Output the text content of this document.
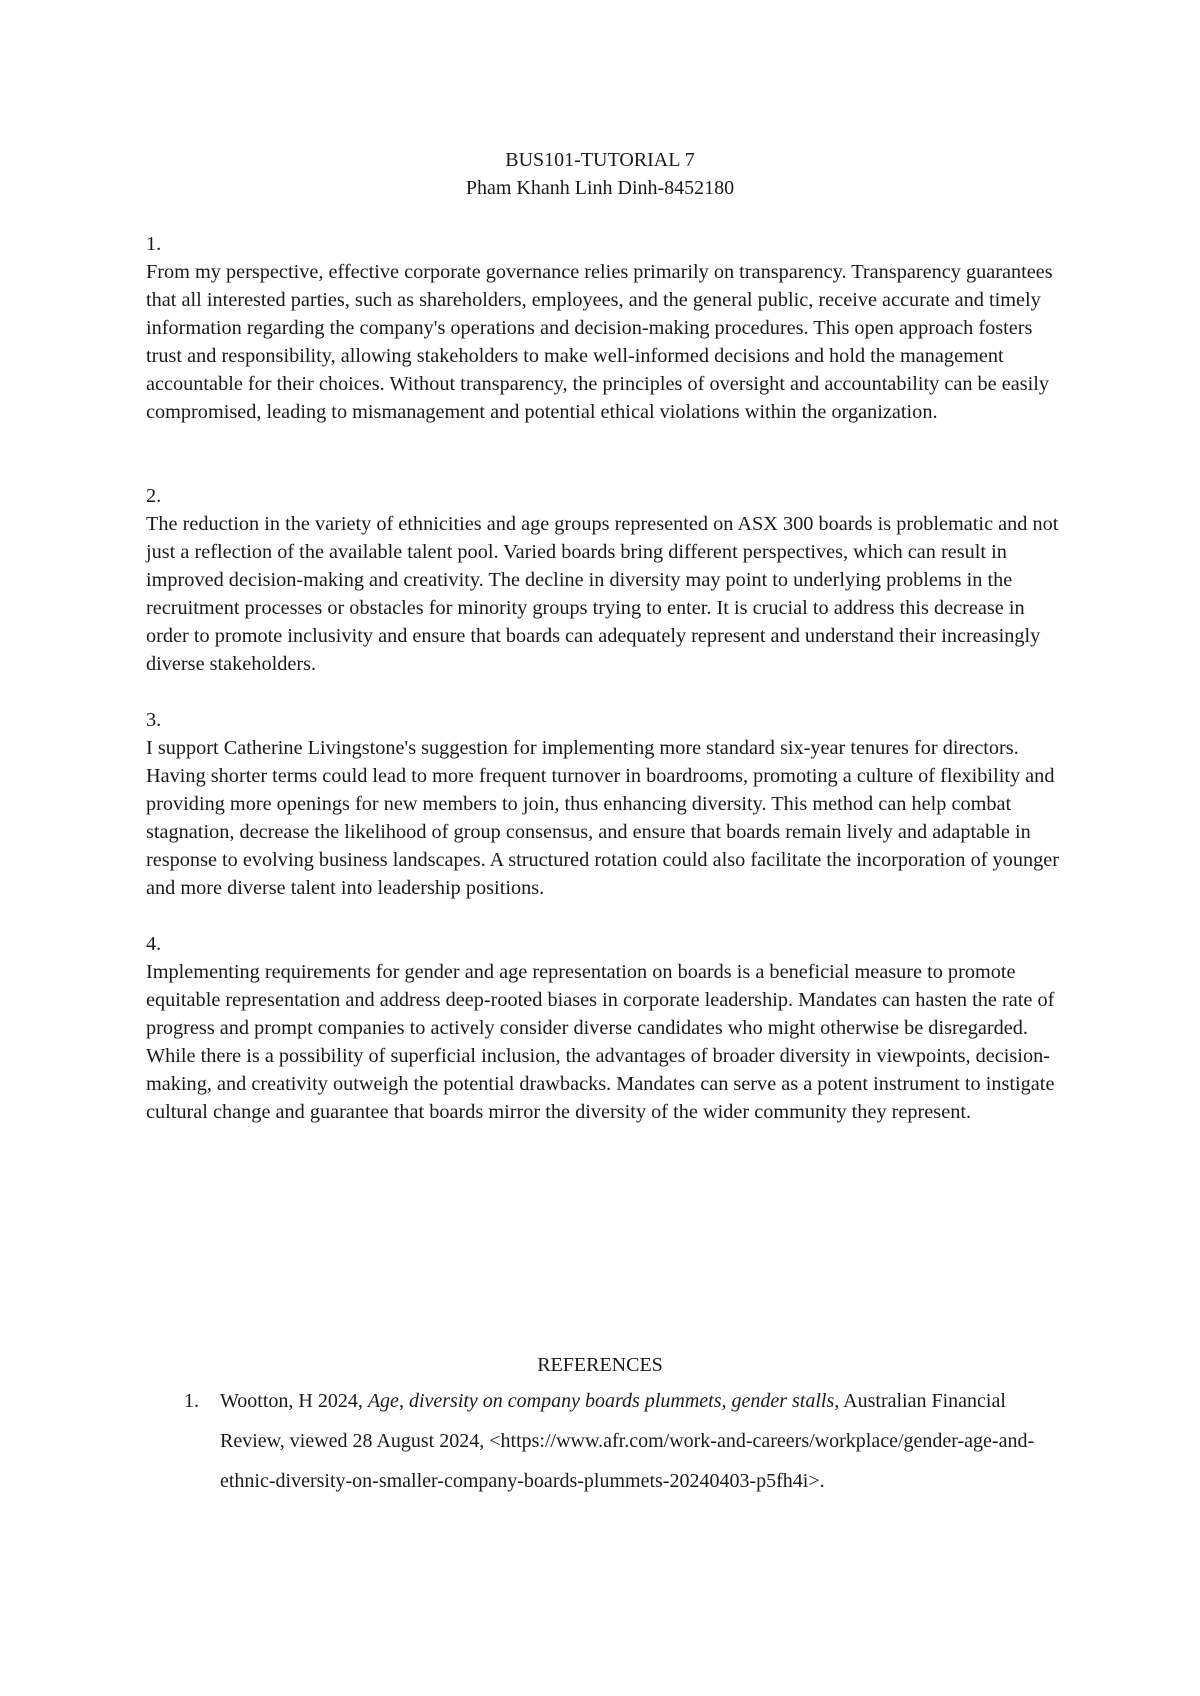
BUS101-TUTORIAL 7
Pham Khanh Linh Dinh-8452180
1.
From my perspective, effective corporate governance relies primarily on transparency. Transparency guarantees that all interested parties, such as shareholders, employees, and the general public, receive accurate and timely information regarding the company's operations and decision-making procedures. This open approach fosters trust and responsibility, allowing stakeholders to make well-informed decisions and hold the management accountable for their choices. Without transparency, the principles of oversight and accountability can be easily compromised, leading to mismanagement and potential ethical violations within the organization.
2.
The reduction in the variety of ethnicities and age groups represented on ASX 300 boards is problematic and not just a reflection of the available talent pool. Varied boards bring different perspectives, which can result in improved decision-making and creativity. The decline in diversity may point to underlying problems in the recruitment processes or obstacles for minority groups trying to enter. It is crucial to address this decrease in order to promote inclusivity and ensure that boards can adequately represent and understand their increasingly diverse stakeholders.
3.
I support Catherine Livingstone's suggestion for implementing more standard six-year tenures for directors. Having shorter terms could lead to more frequent turnover in boardrooms, promoting a culture of flexibility and providing more openings for new members to join, thus enhancing diversity. This method can help combat stagnation, decrease the likelihood of group consensus, and ensure that boards remain lively and adaptable in response to evolving business landscapes. A structured rotation could also facilitate the incorporation of younger and more diverse talent into leadership positions.
4.
Implementing requirements for gender and age representation on boards is a beneficial measure to promote equitable representation and address deep-rooted biases in corporate leadership. Mandates can hasten the rate of progress and prompt companies to actively consider diverse candidates who might otherwise be disregarded. While there is a possibility of superficial inclusion, the advantages of broader diversity in viewpoints, decision-making, and creativity outweigh the potential drawbacks. Mandates can serve as a potent instrument to instigate cultural change and guarantee that boards mirror the diversity of the wider community they represent.
REFERENCES
1. Wootton, H 2024, Age, diversity on company boards plummets, gender stalls, Australian Financial Review, viewed 28 August 2024, <https://www.afr.com/work-and-careers/workplace/gender-age-and-ethnic-diversity-on-smaller-company-boards-plummets-20240403-p5fh4i>.
